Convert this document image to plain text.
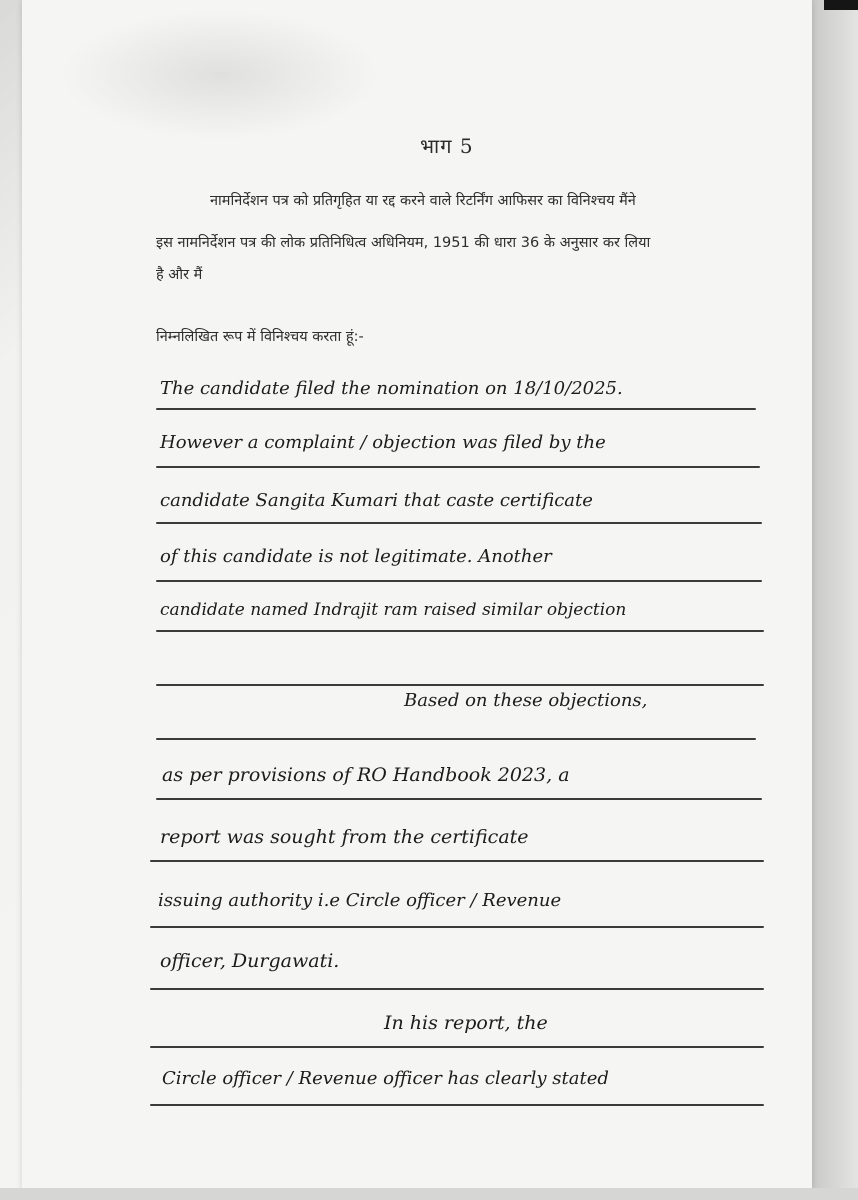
भाग 5
नामनिर्देशन पत्र को प्रतिगृहित या रद्द करने वाले रिटर्निंग आफिसर का विनिश्चय मैंने
इस नामनिर्देशन पत्र की लोक प्रतिनिधित्व अधिनियम, 1951 की धारा 36 के अनुसार कर लिया
है और मैं
निम्नलिखित रूप में विनिश्चय करता हूं:-
The candidate filed the nomination on 18/10/2025.
However a complaint / objection was filed by the
candidate Sangita Kumari that caste certificate
of this candidate is not legitimate. Another
candidate named Indrajit ram raised similar objection
Based on these objections,
as per provisions of RO Handbook 2023, a
report was sought from the certificate
issuing authority i.e Circle officer / Revenue
officer, Durgawati.
In his report, the
Circle officer / Revenue officer has clearly stated
